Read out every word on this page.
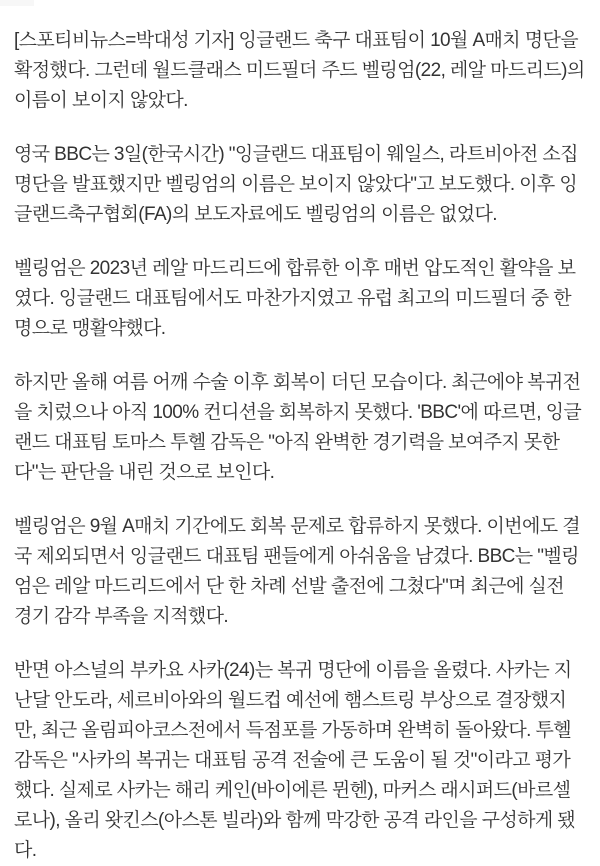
[스포티비뉴스=박대성 기자] 잉글랜드 축구 대표팀이 10월 A매치 명단을 확정했다. 그런데 월드클래스 미드필더 주드 벨링엄(22, 레알 마드리드)의 이름이 보이지 않았다.

영국 BBC는 3일(한국시간) "잉글랜드 대표팀이 웨일스, 라트비아전 소집 명단을 발표했지만 벨링엄의 이름은 보이지 않았다"고 보도했다. 이후 잉글랜드축구협회(FA)의 보도자료에도 벨링엄의 이름은 없었다.

벨링엄은 2023년 레알 마드리드에 합류한 이후 매번 압도적인 활약을 보였다. 잉글랜드 대표팀에서도 마찬가지였고 유럽 최고의 미드필더 중 한 명으로 맹활약했다.

하지만 올해 여름 어깨 수술 이후 회복이 더딘 모습이다. 최근에야 복귀전을 치렀으나 아직 100% 컨디션을 회복하지 못했다. 'BBC'에 따르면, 잉글랜드 대표팀 토마스 투헬 감독은 "아직 완벽한 경기력을 보여주지 못한다"는 판단을 내린 것으로 보인다.

벨링엄은 9월 A매치 기간에도 회복 문제로 합류하지 못했다. 이번에도 결국 제외되면서 잉글랜드 대표팀 팬들에게 아쉬움을 남겼다. BBC는 "벨링엄은 레알 마드리드에서 단 한 차례 선발 출전에 그쳤다"며 최근에 실전 경기 감각 부족을 지적했다.

반면 아스널의 부카요 사카(24)는 복귀 명단에 이름을 올렸다. 사카는 지난달 안도라, 세르비아와의 월드컵 예선에 햄스트링 부상으로 결장했지만, 최근 올림피아코스전에서 득점포를 가동하며 완벽히 돌아왔다. 투헬 감독은 "사카의 복귀는 대표팀 공격 전술에 큰 도움이 될 것"이라고 평가했다. 실제로 사카는 해리 케인(바이에른 뮌헨), 마커스 래시퍼드(바르셀로나), 올리 왓킨스(아스톤 빌라)와 함께 막강한 공격 라인을 구성하게 됐다.
